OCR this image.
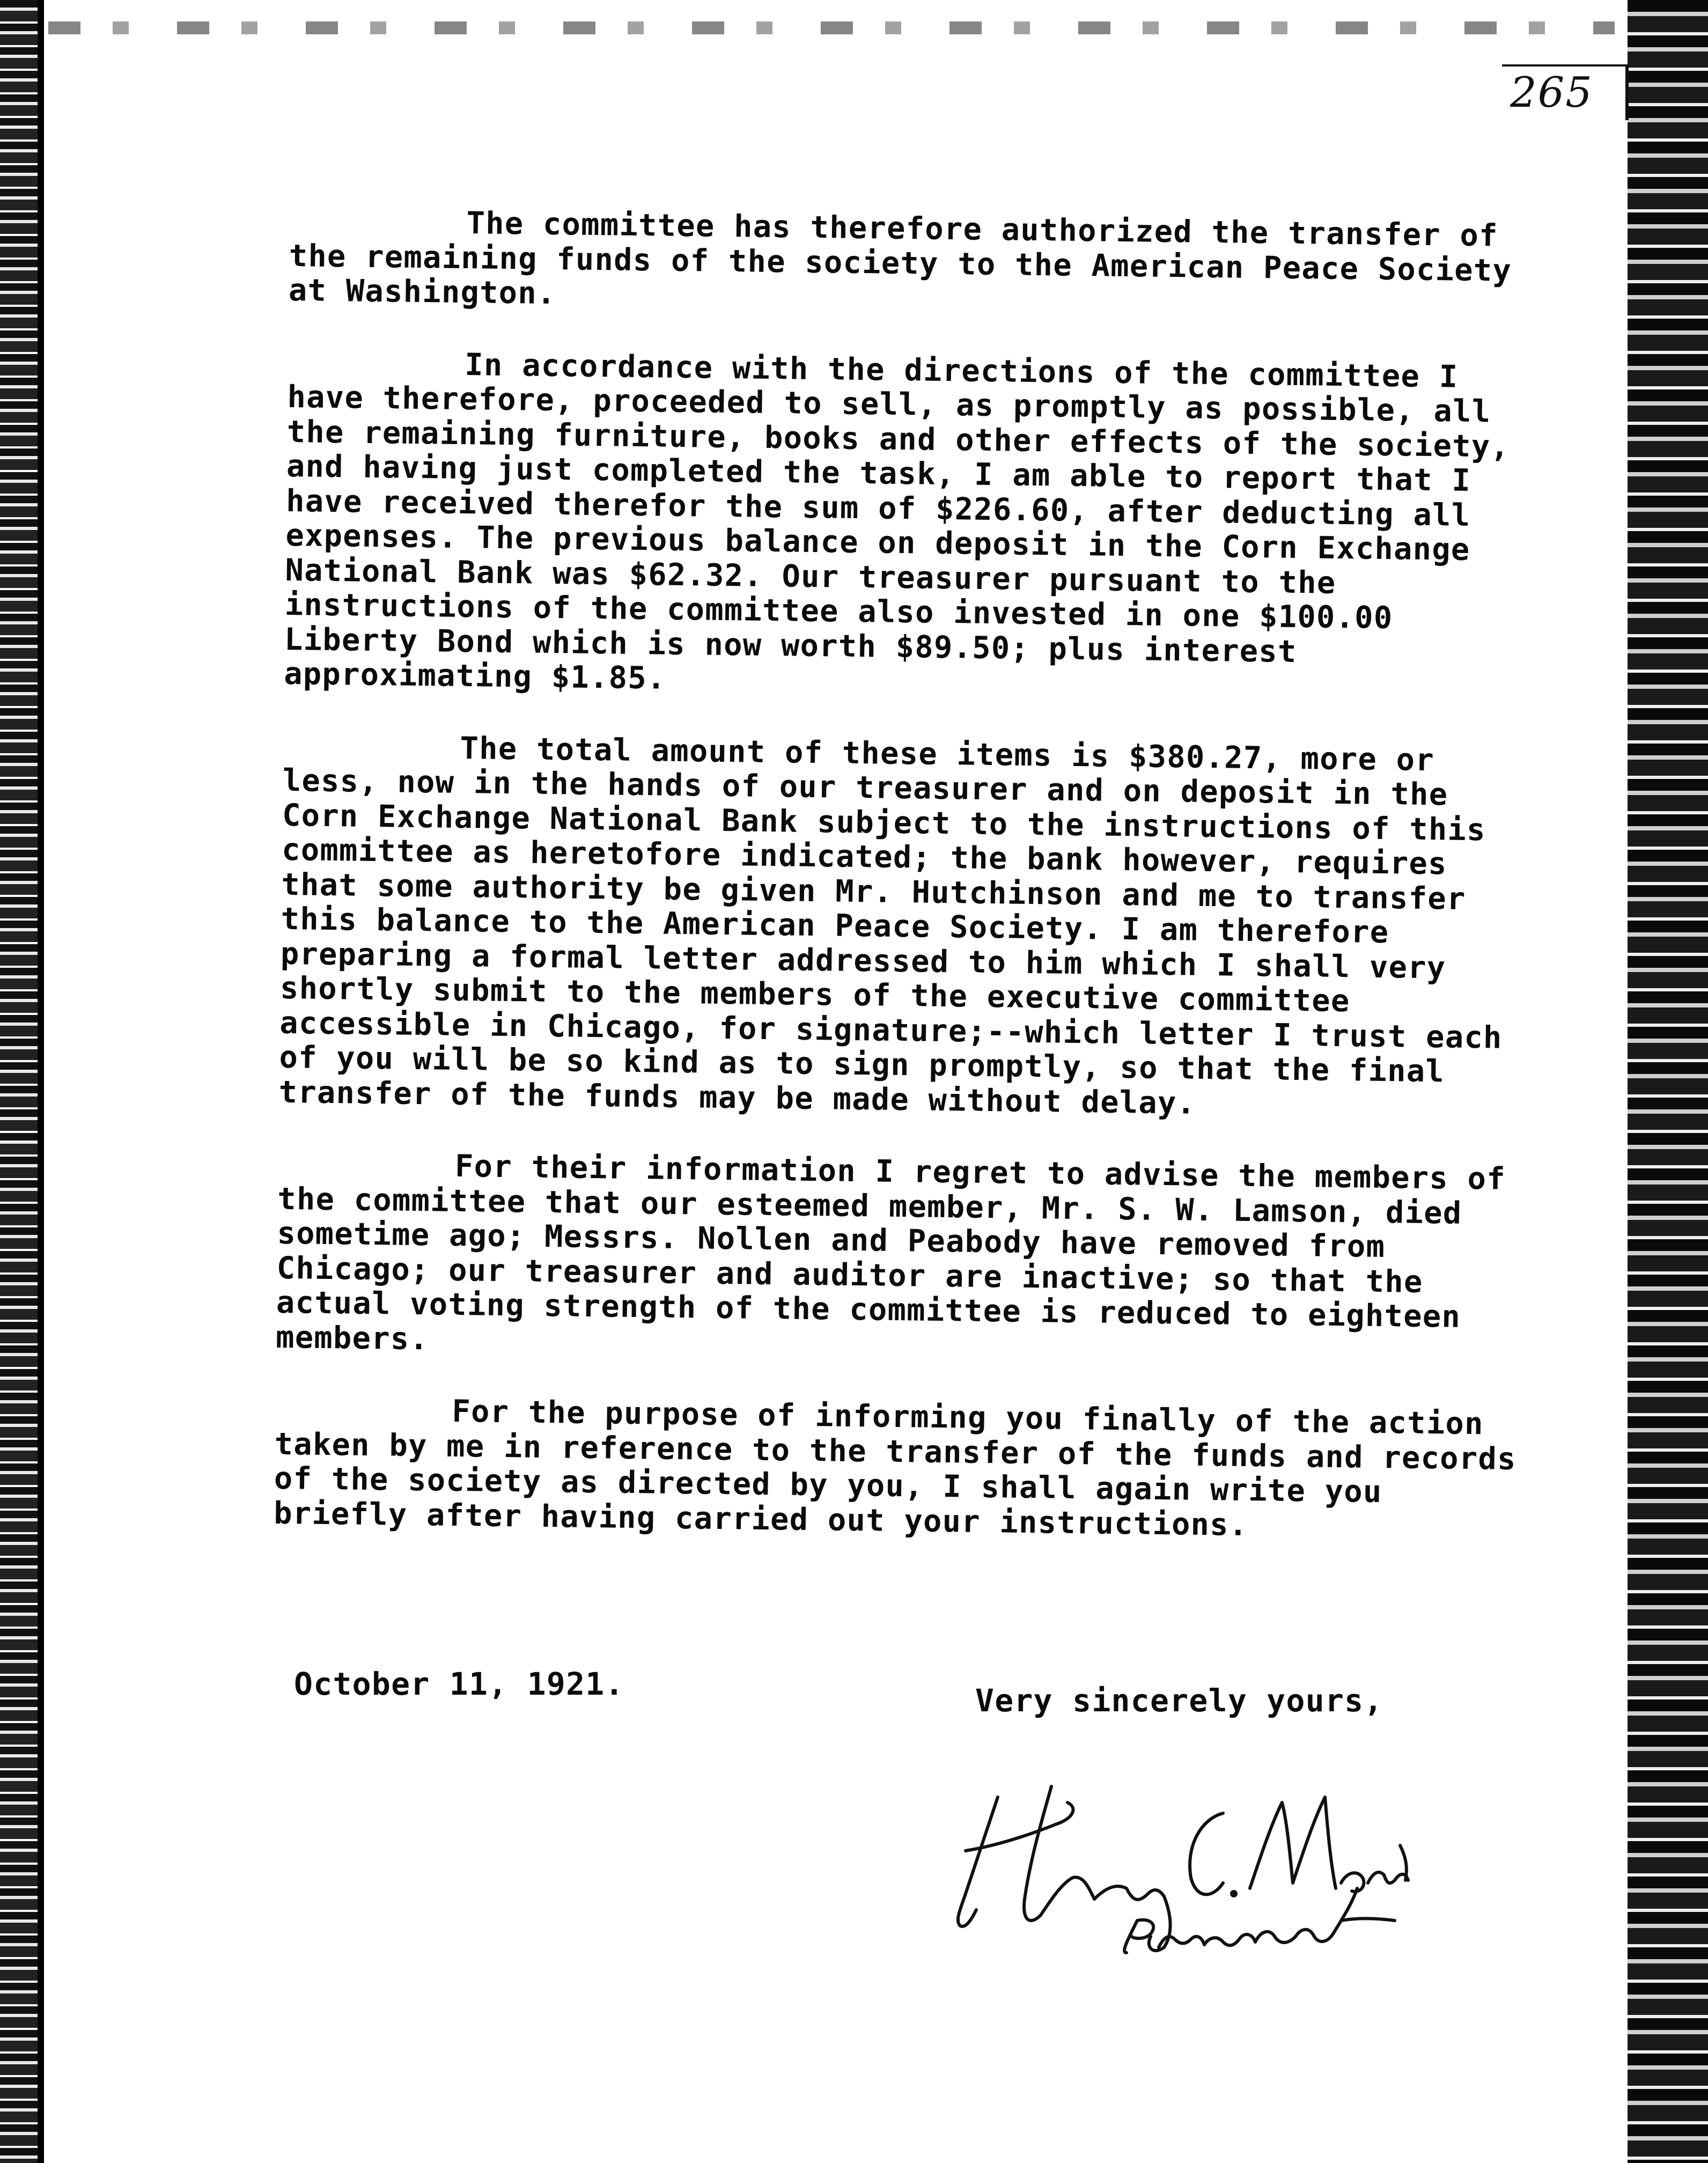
265

The committee has therefore authorized the transfer of the remaining funds of the society to the American Peace Society at Washington.

In accordance with the directions of the committee I have therefore, proceeded to sell, as promptly as possible, all the remaining furniture, books and other effects of the society, and having just completed the task, I am able to report that I have received therefor the sum of $226.60, after deducting all expenses. The previous balance on deposit in the Corn Exchange National Bank was $62.32. Our treasurer pursuant to the instructions of the committee also invested in one $100.00 Liberty Bond which is now worth $89.50; plus interest approximating $1.85.

The total amount of these items is $380.27, more or less, now in the hands of our treasurer and on deposit in the Corn Exchange National Bank subject to the instructions of this committee as heretofore indicated; the bank however, requires that some authority be given Mr. Hutchinson and me to transfer this balance to the American Peace Society. I am therefore preparing a formal letter addressed to him which I shall very shortly submit to the members of the executive committee accessible in Chicago, for signature;--which letter I trust each of you will be so kind as to sign promptly, so that the final transfer of the funds may be made without delay.

For their information I regret to advise the members of the committee that our esteemed member, Mr. S. W. Lamson, died sometime ago; Messrs. Nollen and Peabody have removed from Chicago; our treasurer and auditor are inactive; so that the actual voting strength of the committee is reduced to eighteen members.

For the purpose of informing you finally of the action taken by me in reference to the transfer of the funds and records of the society as directed by you, I shall again write you briefly after having carried out your instructions.

October 11, 1921.	Very sincerely yours,
